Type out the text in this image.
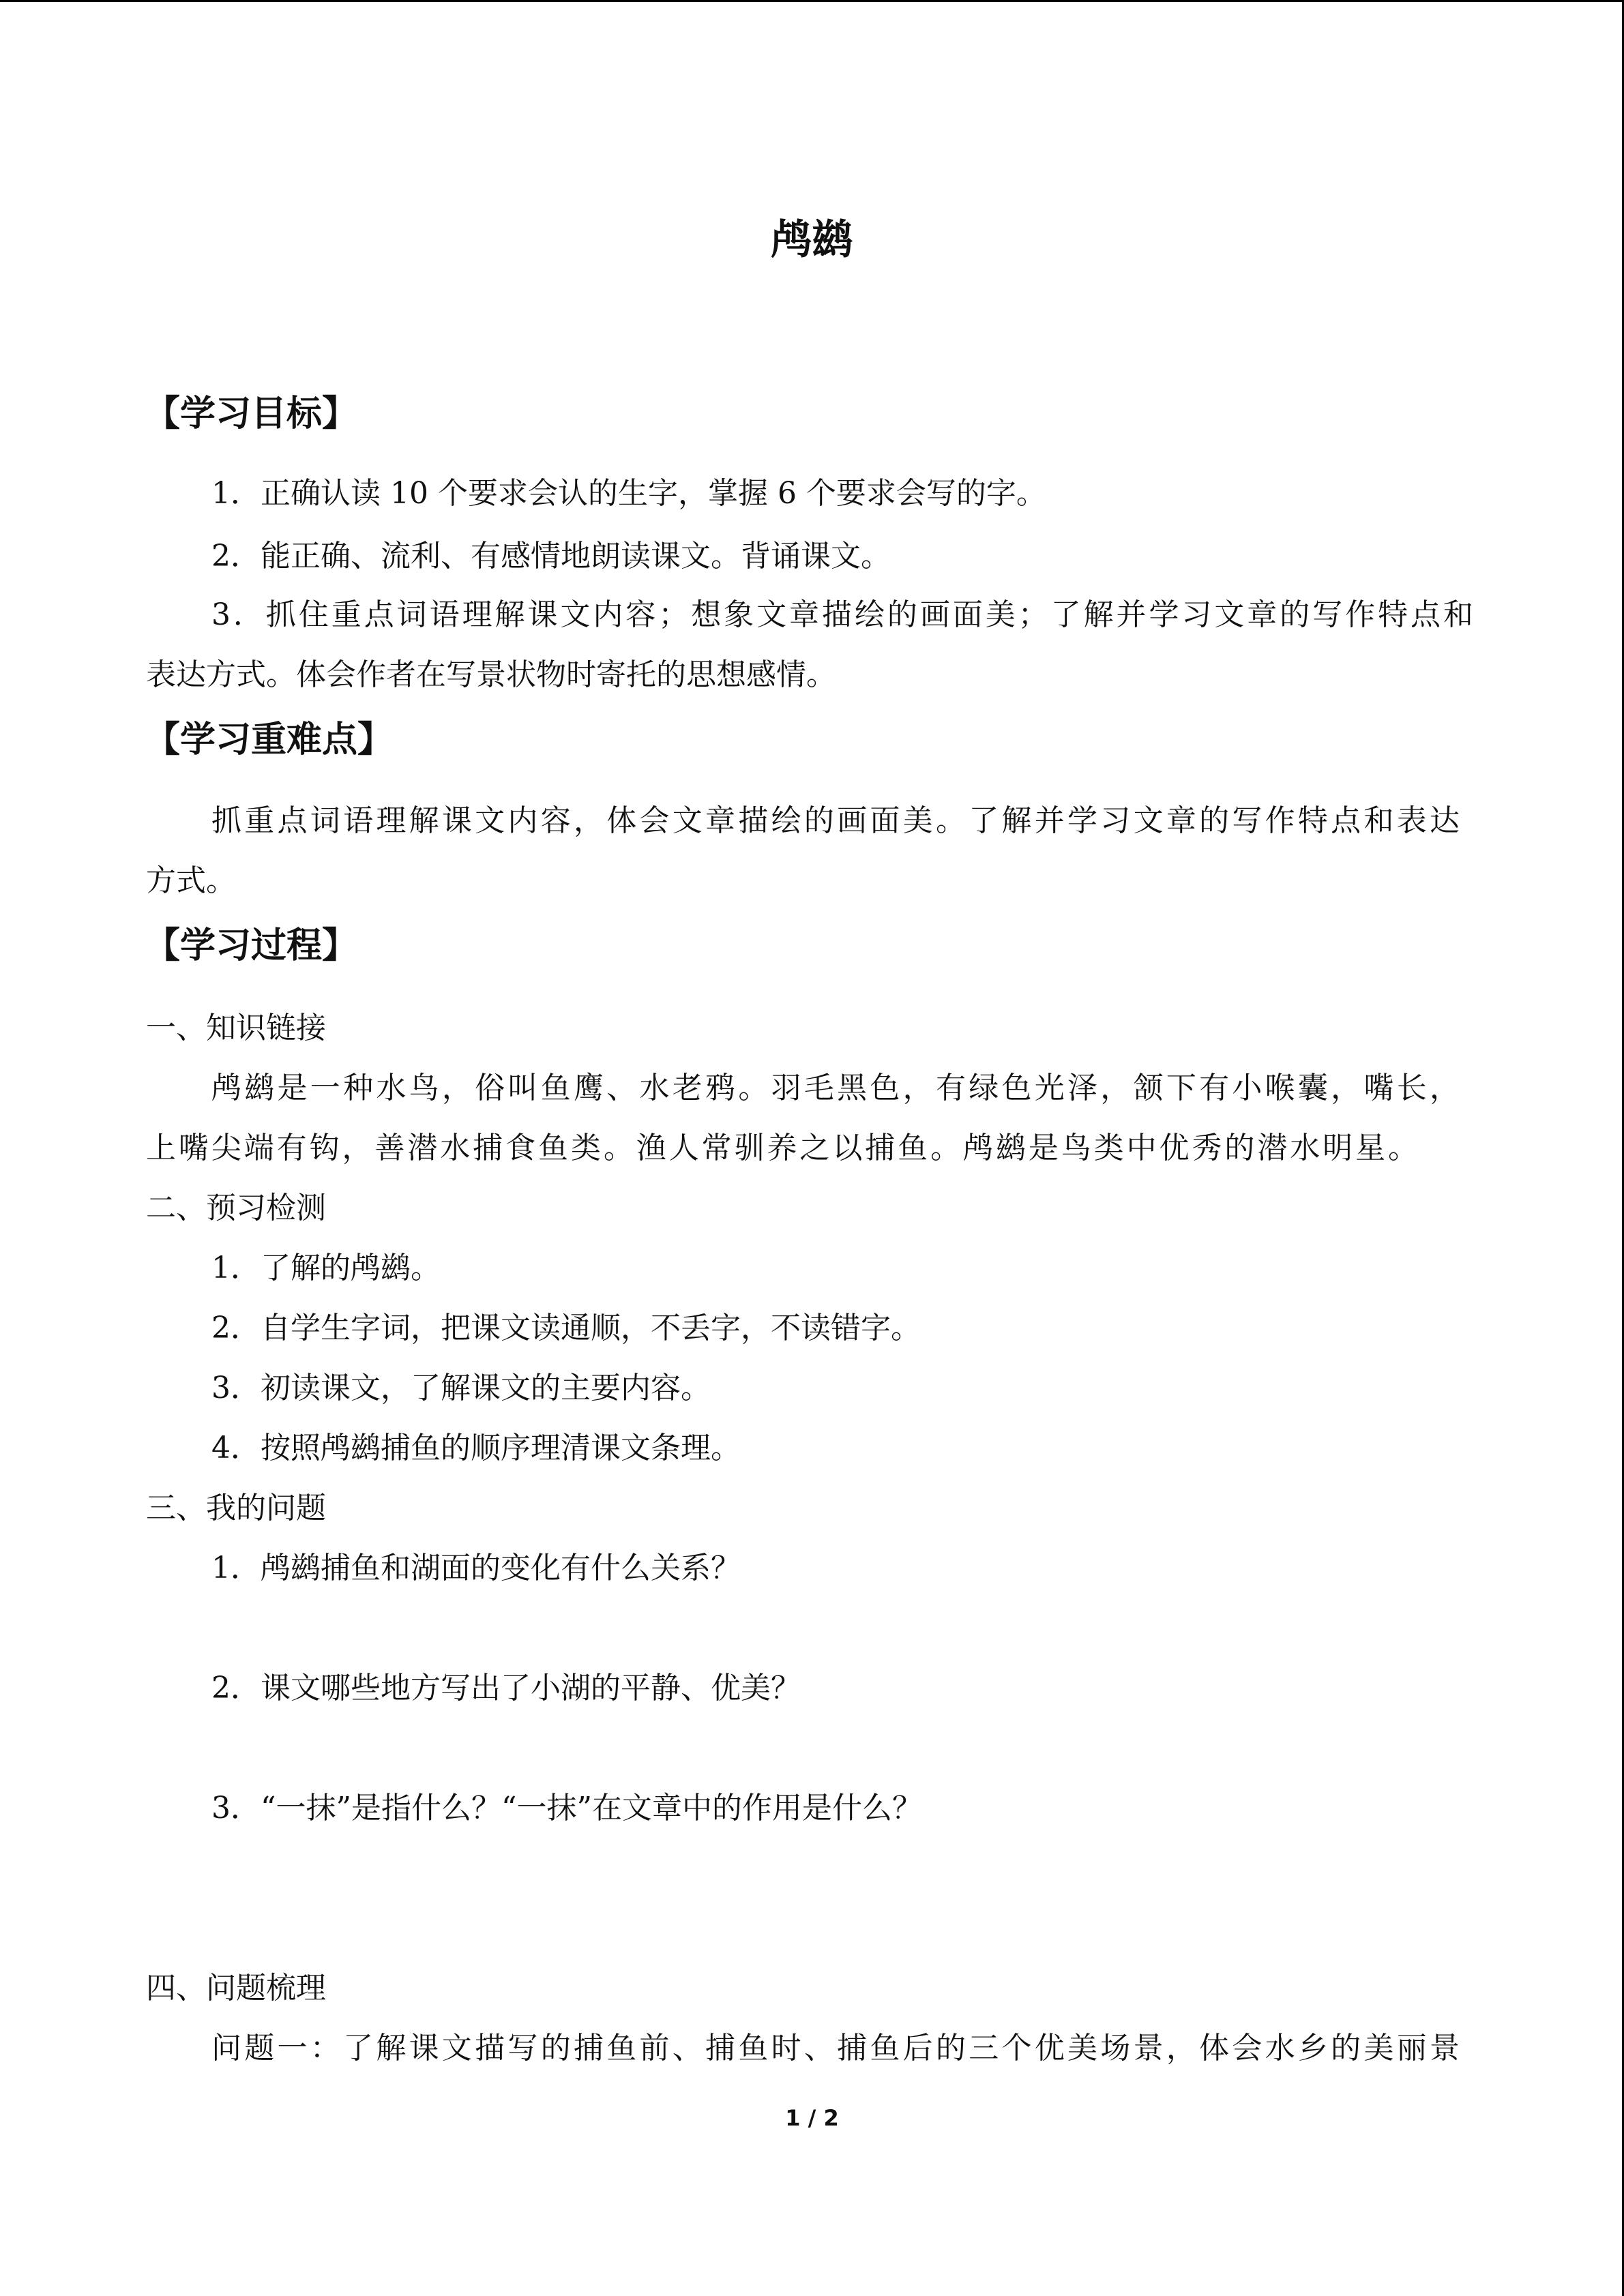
鸬鹚
【学习目标】
1．正确认读 10 个要求会认的生字，掌握 6 个要求会写的字。
2．能正确、流利、有感情地朗读课文。背诵课文。
3．抓住重点词语理解课文内容；想象文章描绘的画面美；了解并学习文章的写作特点和
表达方式。体会作者在写景状物时寄托的思想感情。
【学习重难点】
抓重点词语理解课文内容，体会文章描绘的画面美。了解并学习文章的写作特点和表达
方式。
【学习过程】
一、知识链接
鸬鹚是一种水鸟，俗叫鱼鹰、水老鸦。羽毛黑色，有绿色光泽，颔下有小喉囊，嘴长，
上嘴尖端有钩，善潜水捕食鱼类。渔人常驯养之以捕鱼。鸬鹚是鸟类中优秀的潜水明星。
二、预习检测
1．了解的鸬鹚。
2．自学生字词，把课文读通顺，不丢字，不读错字。
3．初读课文，了解课文的主要内容。
4．按照鸬鹚捕鱼的顺序理清课文条理。
三、我的问题
1．鸬鹚捕鱼和湖面的变化有什么关系？
2．课文哪些地方写出了小湖的平静、优美？
3．“一抹”是指什么？“一抹”在文章中的作用是什么？
四、问题梳理
问题一：了解课文描写的捕鱼前、捕鱼时、捕鱼后的三个优美场景，体会水乡的美丽景
1 / 2
